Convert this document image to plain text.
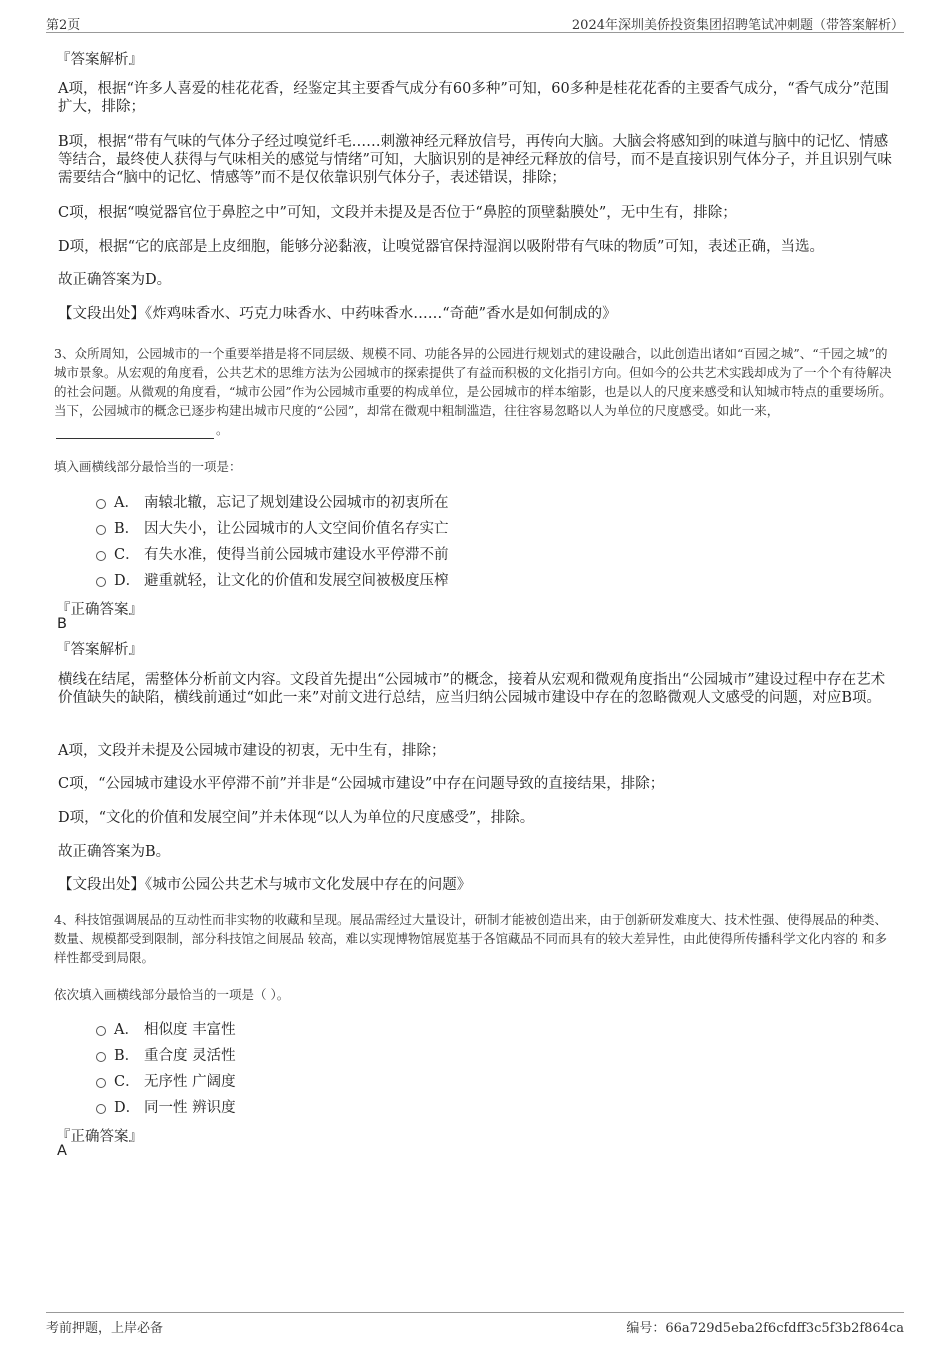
第2页	2024年深圳美侨投资集团招聘笔试冲刺题（带答案解析）
『答案解析』

A项，根据“许多人喜爱的桂花花香，经鉴定其主要香气成分有60多种”可知，60多种是桂花花香的主要香气成分，“香气成分”范围扩大，排除；

B项，根据“带有气味的气体分子经过嗅觉纤毛……刺激神经元释放信号，再传向大脑。大脑会将感知到的味道与脑中的记忆、情感等结合，最终使人获得与气味相关的感觉与情绪”可知，大脑识别的是神经元释放的信号，而不是直接识别气体分子，并且识别气味需要结合“脑中的记忆、情感等”而不是仅依靠识别气体分子，表述错误，排除；

C项，根据“嗅觉器官位于鼻腔之中”可知，文段并未提及是否位于“鼻腔的顶壁黏膜处”，无中生有，排除；

D项，根据“它的底部是上皮细胞，能够分泌黏液，让嗅觉器官保持湿润以吸附带有气味的物质”可知，表述正确，当选。

故正确答案为D。

【文段出处】《炸鸡味香水、巧克力味香水、中药味香水……“奇葩”香水是如何制成的》

3、众所周知，公园城市的一个重要举措是将不同层级、规模不同、功能各异的公园进行规划式的建设融合，以此创造出诸如“百园之城”、“千园之城”的城市景象。从宏观的角度看，公共艺术的思维方法为公园城市的探索提供了有益而积极的文化指引方向。但如今的公共艺术实践却成为了一个个有待解决的社会问题。从微观的角度看，“城市公园”作为公园城市重要的构成单位，是公园城市的样本缩影，也是以人的尺度来感受和认知城市特点的重要场所。当下，公园城市的概念已逐步构建出城市尺度的“公园”，却常在微观中粗制滥造，往往容易忽略以人为单位的尺度感受。如此一来，。

填入画横线部分最恰当的一项是：
A． 南辕北辙，忘记了规划建设公园城市的初衷所在
B． 因大失小，让公园城市的人文空间价值名存实亡
C． 有失水准，使得当前公园城市建设水平停滞不前
D． 避重就轻，让文化的价值和发展空间被极度压榨
『正确答案』
B
『答案解析』

横线在结尾，需整体分析前文内容。文段首先提出“公园城市”的概念，接着从宏观和微观角度指出“公园城市”建设过程中存在艺术价值缺失的缺陷，横线前通过“如此一来”对前文进行总结，应当归纳公园城市建设中存在的忽略微观人文感受的问题，对应B项。

A项，文段并未提及公园城市建设的初衷，无中生有，排除；

C项，“公园城市建设水平停滞不前”并非是“公园城市建设”中存在问题导致的直接结果，排除；

D项，“文化的价值和发展空间”并未体现“以人为单位的尺度感受”，排除。

故正确答案为B。

【文段出处】《城市公园公共艺术与城市文化发展中存在的问题》

4、科技馆强调展品的互动性而非实物的收藏和呈现。展品需经过大量设计，研制才能被创造出来，由于创新研发难度大、技术性强、使得展品的种类、数量、规模都受到限制，部分科技馆之间展品 较高，难以实现博物馆展览基于各馆藏品不同而具有的较大差异性，由此使得所传播科学文化内容的 和多样性都受到局限。

依次填入画横线部分最恰当的一项是（ ）。
A． 相似度 丰富性
B． 重合度 灵活性
C． 无序性 广阔度
D． 同一性 辨识度
『正确答案』
A
考前押题，上岸必备	编号：66a729d5eba2f6cfdff3c5f3b2f864ca
